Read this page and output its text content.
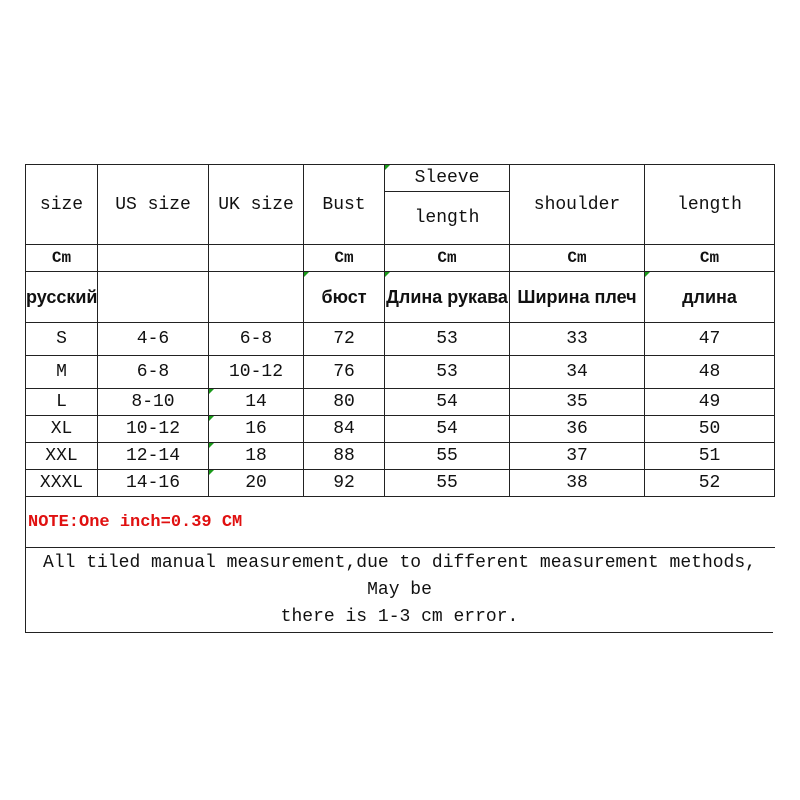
size	US size	UK size	Bust	Sleeve	shoulder	length
				length		
Cm			Cm	Cm	Cm	Cm
русский			бюст	Длина рукава	Ширина плеч	длина
S	4-6	6-8	72	53	33	47
M	6-8	10-12	76	53	34	48
L	8-10	14	80	54	35	49
XL	10-12	16	84	54	36	50
XXL	12-14	18	88	55	37	51
XXXL	14-16	20	92	55	38	52
NOTE:One inch=0.39 CM
All tiled manual measurement,due to different measurement methods, May be
there is 1-3 cm error.
